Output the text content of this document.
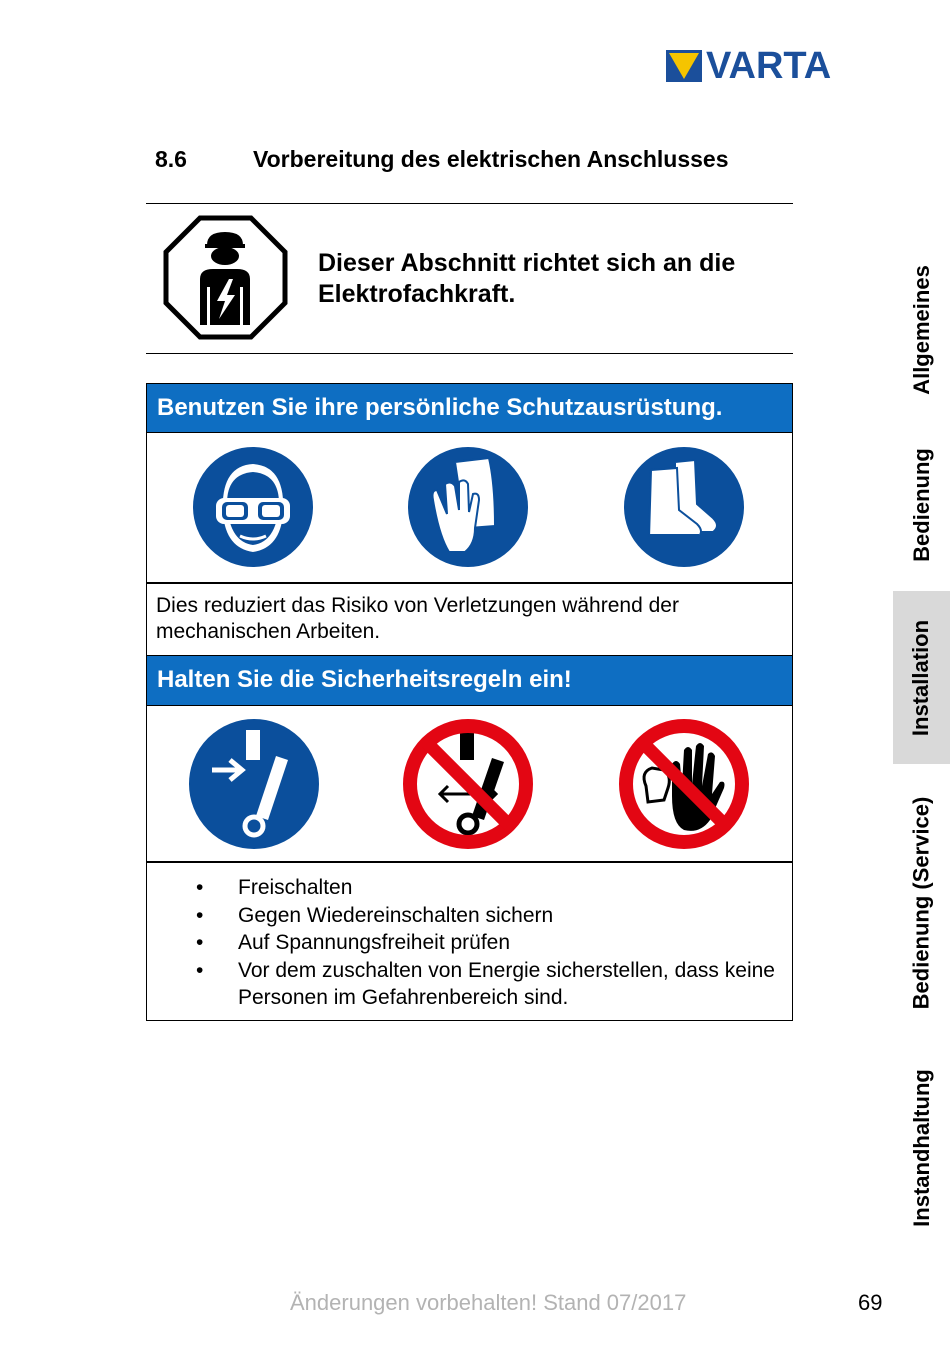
VARTA
8.6	Vorbereitung des elektrischen Anschlusses
Dieser Abschnitt richtet sich an die Elektrofachkraft.
Benutzen Sie ihre persönliche Schutzausrüstung.
Dies reduziert das Risiko von Verletzungen während der mechanischen Arbeiten.
Halten Sie die Sicherheitsregeln ein!
• Freischalten
• Gegen Wiedereinschalten sichern
• Auf Spannungsfreiheit prüfen
• Vor dem zuschalten von Energie sicherstellen, dass keine Personen im Gefahrenbereich sind.
Allgemeines
Bedienung
Installation
Bedienung (Service)
Instandhaltung
Änderungen vorbehalten! Stand 07/2017	69
